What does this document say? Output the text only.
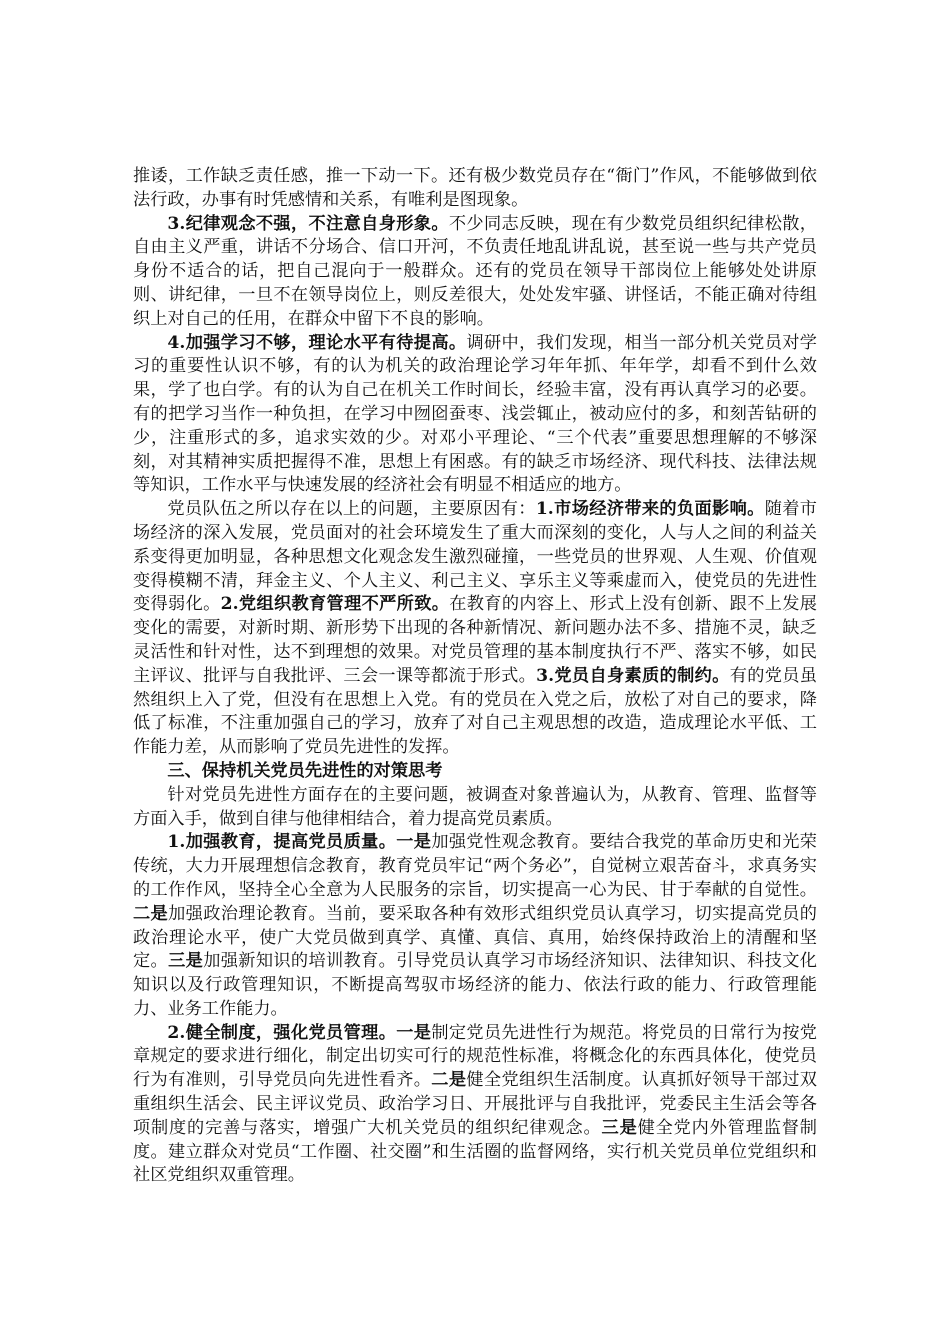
推诿，工作缺乏责任感，推一下动一下。还有极少数党员存在“衙门”作风，不能够做到依法行政，办事有时凭感情和关系，有唯利是图现象。

3.纪律观念不强，不注意自身形象。不少同志反映，现在有少数党员组织纪律松散，自由主义严重，讲话不分场合、信口开河，不负责任地乱讲乱说，甚至说一些与共产党员身份不适合的话，把自己混向于一般群众。还有的党员在领导干部岗位上能够处处讲原则、讲纪律，一旦不在领导岗位上，则反差很大，处处发牢骚、讲怪话，不能正确对待组织上对自己的任用，在群众中留下不良的影响。

4.加强学习不够，理论水平有待提高。调研中，我们发现，相当一部分机关党员对学习的重要性认识不够，有的认为机关的政治理论学习年年抓、年年学，却看不到什么效果，学了也白学。有的认为自己在机关工作时间长，经验丰富，没有再认真学习的必要。有的把学习当作一种负担，在学习中囫囵蚕枣、浅尝辄止，被动应付的多，和刻苦钻研的少，注重形式的多，追求实效的少。对邓小平理论、“三个代表”重要思想理解的不够深刻，对其精神实质把握得不准，思想上有困惑。有的缺乏市场经济、现代科技、法律法规等知识，工作水平与快速发展的经济社会有明显不相适应的地方。

党员队伍之所以存在以上的问题，主要原因有：1.市场经济带来的负面影响。随着市场经济的深入发展，党员面对的社会环境发生了重大而深刻的变化，人与人之间的利益关系变得更加明显，各种思想文化观念发生激烈碰撞，一些党员的世界观、人生观、价值观变得模糊不清，拜金主义、个人主义、利己主义、享乐主义等乘虚而入，使党员的先进性变得弱化。2.党组织教育管理不严所致。在教育的内容上、形式上没有创新、跟不上发展变化的需要，对新时期、新形势下出现的各种新情况、新问题办法不多、措施不灵，缺乏灵活性和针对性，达不到理想的效果。对党员管理的基本制度执行不严、落实不够，如民主评议、批评与自我批评、三会一课等都流于形式。3.党员自身素质的制约。有的党员虽然组织上入了党，但没有在思想上入党。有的党员在入党之后，放松了对自己的要求，降低了标准，不注重加强自己的学习，放弃了对自己主观思想的改造，造成理论水平低、工作能力差，从而影响了党员先进性的发挥。

三、保持机关党员先进性的对策思考

针对党员先进性方面存在的主要问题，被调查对象普遍认为，从教育、管理、监督等方面入手，做到自律与他律相结合，着力提高党员素质。

1.加强教育，提高党员质量。一是加强党性观念教育。要结合我党的革命历史和光荣传统，大力开展理想信念教育，教育党员牢记“两个务必”，自觉树立艰苦奋斗，求真务实的工作作风，坚持全心全意为人民服务的宗旨，切实提高一心为民、甘于奉献的自觉性。二是加强政治理论教育。当前，要采取各种有效形式组织党员认真学习，切实提高党员的政治理论水平，使广大党员做到真学、真懂、真信、真用，始终保持政治上的清醒和坚定。三是加强新知识的培训教育。引导党员认真学习市场经济知识、法律知识、科技文化知识以及行政管理知识，不断提高驾驭市场经济的能力、依法行政的能力、行政管理能力、业务工作能力。

2.健全制度，强化党员管理。一是制定党员先进性行为规范。将党员的日常行为按党章规定的要求进行细化，制定出切实可行的规范性标准，将概念化的东西具体化，使党员行为有准则，引导党员向先进性看齐。二是健全党组织生活制度。认真抓好领导干部过双重组织生活会、民主评议党员、政治学习日、开展批评与自我批评，党委民主生活会等各项制度的完善与落实，增强广大机关党员的组织纪律观念。三是健全党内外管理监督制度。建立群众对党员“工作圈、社交圈”和生活圈的监督网络，实行机关党员单位党组织和社区党组织双重管理。
